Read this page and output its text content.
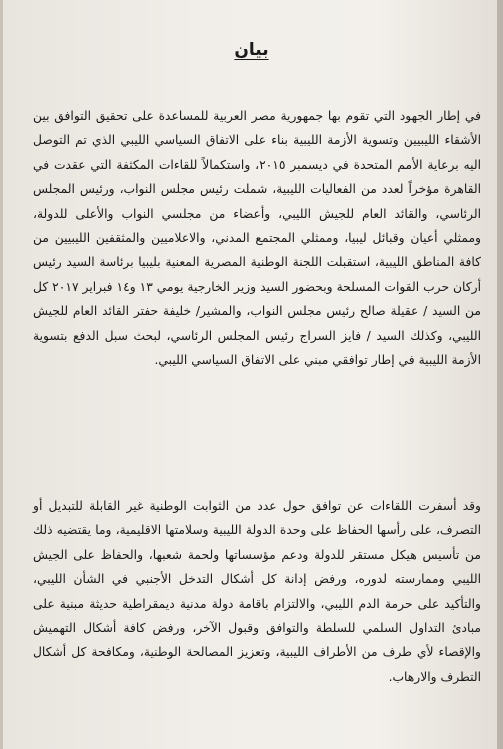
بيان

في إطار الجهود التي تقوم بها جمهورية مصر العربية للمساعدة على تحقيق التوافق بين الأشقاء الليبيين وتسوية الأزمة الليبية بناء على الاتفاق السياسي الليبي الذي تم التوصل اليه برعاية الأمم المتحدة في ديسمبر ٢٠١٥، واستكمالاً للقاءات المكثفة التي عقدت في القاهرة مؤخراً لعدد من الفعاليات الليبية، شملت رئيس مجلس النواب، ورئيس المجلس الرئاسي، والقائد العام للجيش الليبي، وأعضاء من مجلسي النواب والأعلى للدولة، وممثلي أعيان وقبائل ليبيا، وممثلي المجتمع المدني، والاعلاميين والمثقفين الليبيين من كافة المناطق الليبية، استقبلت اللجنة الوطنية المصرية المعنية بليبيا برئاسة السيد رئيس أركان حرب القوات المسلحة وبحضور السيد وزير الخارجية يومي ١٣ و١٤ فبراير ٢٠١٧ كل من السيد / عقيلة صالح رئيس مجلس النواب، والمشير/ خليفة حفتر القائد العام للجيش الليبي، وكذلك السيد / فايز السراج رئيس المجلس الرئاسي، لبحث سبل الدفع بتسوية الأزمة الليبية في إطار توافقي مبني على الاتفاق السياسي الليبي.

وقد أسفرت اللقاءات عن توافق حول عدد من الثوابت الوطنية غير القابلة للتبديل أو التصرف، على رأسها الحفاظ على وحدة الدولة الليبية وسلامتها الاقليمية، وما يقتضيه ذلك من تأسيس هيكل مستقر للدولة ودعم مؤسساتها ولحمة شعبها، والحفاظ على الجيش الليبي وممارسته لدوره، ورفض إدانة كل أشكال التدخل الأجنبي في الشأن الليبي، والتأكيد على حرمة الدم الليبي، والالتزام باقامة دولة مدنية ديمقراطية حديثة مبنية على مبادئ التداول السلمي للسلطة والتوافق وقبول الآخر، ورفض كافة أشكال التهميش والإقصاء لأي طرف من الأطراف الليبية، وتعزيز المصالحة الوطنية، ومكافحة كل أشكال التطرف والارهاب.
